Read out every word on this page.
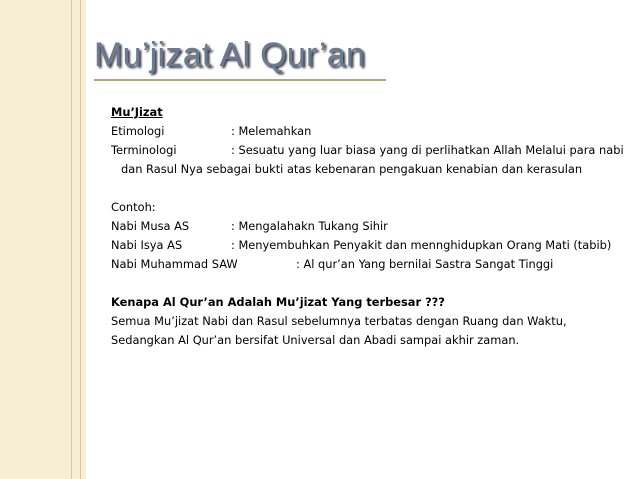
Mu’jizat Al Qur’an
Mu’Jizat
Etimologi	: Melemahkan
Terminologi	: Sesuatu yang luar biasa yang di perlihatkan Allah Melalui para nabi
dan Rasul Nya sebagai bukti atas kebenaran pengakuan kenabian dan kerasulan
Contoh:
Nabi Musa AS	: Mengalahakn Tukang Sihir
Nabi Isya AS	: Menyembuhkan Penyakit dan mennghidupkan Orang Mati (tabib)
Nabi Muhammad SAW	: Al qur’an Yang bernilai Sastra Sangat Tinggi
Kenapa Al Qur’an Adalah Mu’jizat Yang terbesar ???
Semua Mu’jizat Nabi dan Rasul sebelumnya terbatas dengan Ruang dan Waktu,
Sedangkan Al Qur’an bersifat Universal dan Abadi sampai akhir zaman.
